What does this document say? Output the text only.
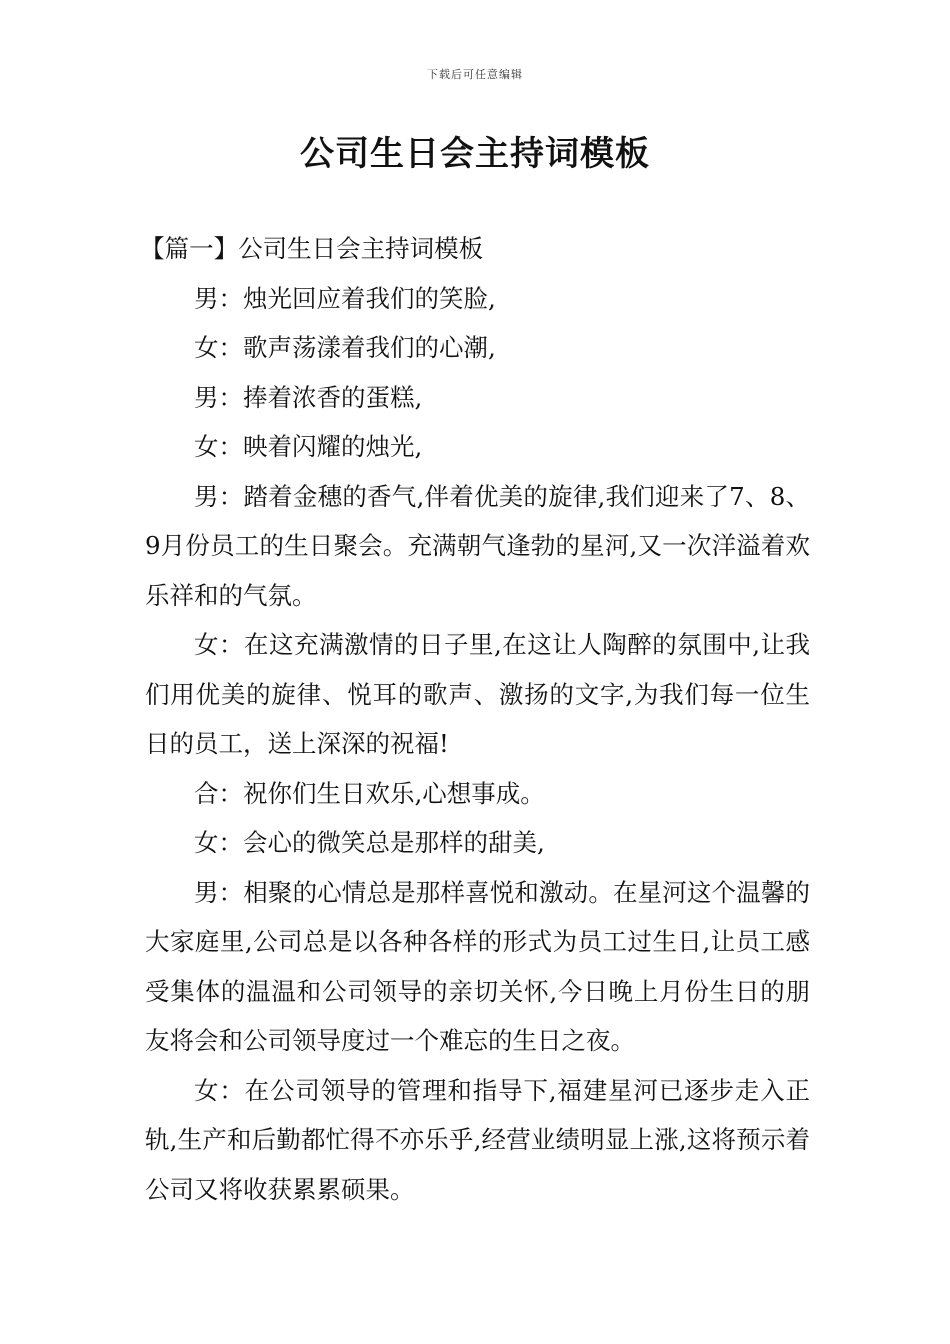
下载后可任意编辑
公司生日会主持词模板
【篇一】公司生日会主持词模板
男：烛光回应着我们的笑脸,
女：歌声荡漾着我们的心潮,
男：捧着浓香的蛋糕,
女：映着闪耀的烛光,
男：踏着金穗的香气,伴着优美的旋律,我们迎来了7、8、9月份员工的生日聚会。充满朝气逢勃的星河,又一次洋溢着欢乐祥和的气氛。
女：在这充满激情的日子里,在这让人陶醉的氛围中,让我们用优美的旋律、悦耳的歌声、激扬的文字,为我们每一位生日的员工，送上深深的祝福!
合：祝你们生日欢乐,心想事成。
女：会心的微笑总是那样的甜美,
男：相聚的心情总是那样喜悦和激动。在星河这个温馨的大家庭里,公司总是以各种各样的形式为员工过生日,让员工感受集体的温温和公司领导的亲切关怀,今日晚上月份生日的朋友将会和公司领导度过一个难忘的生日之夜。
女：在公司领导的管理和指导下,福建星河已逐步走入正轨,生产和后勤都忙得不亦乐乎,经营业绩明显上涨,这将预示着公司又将收获累累硕果。
